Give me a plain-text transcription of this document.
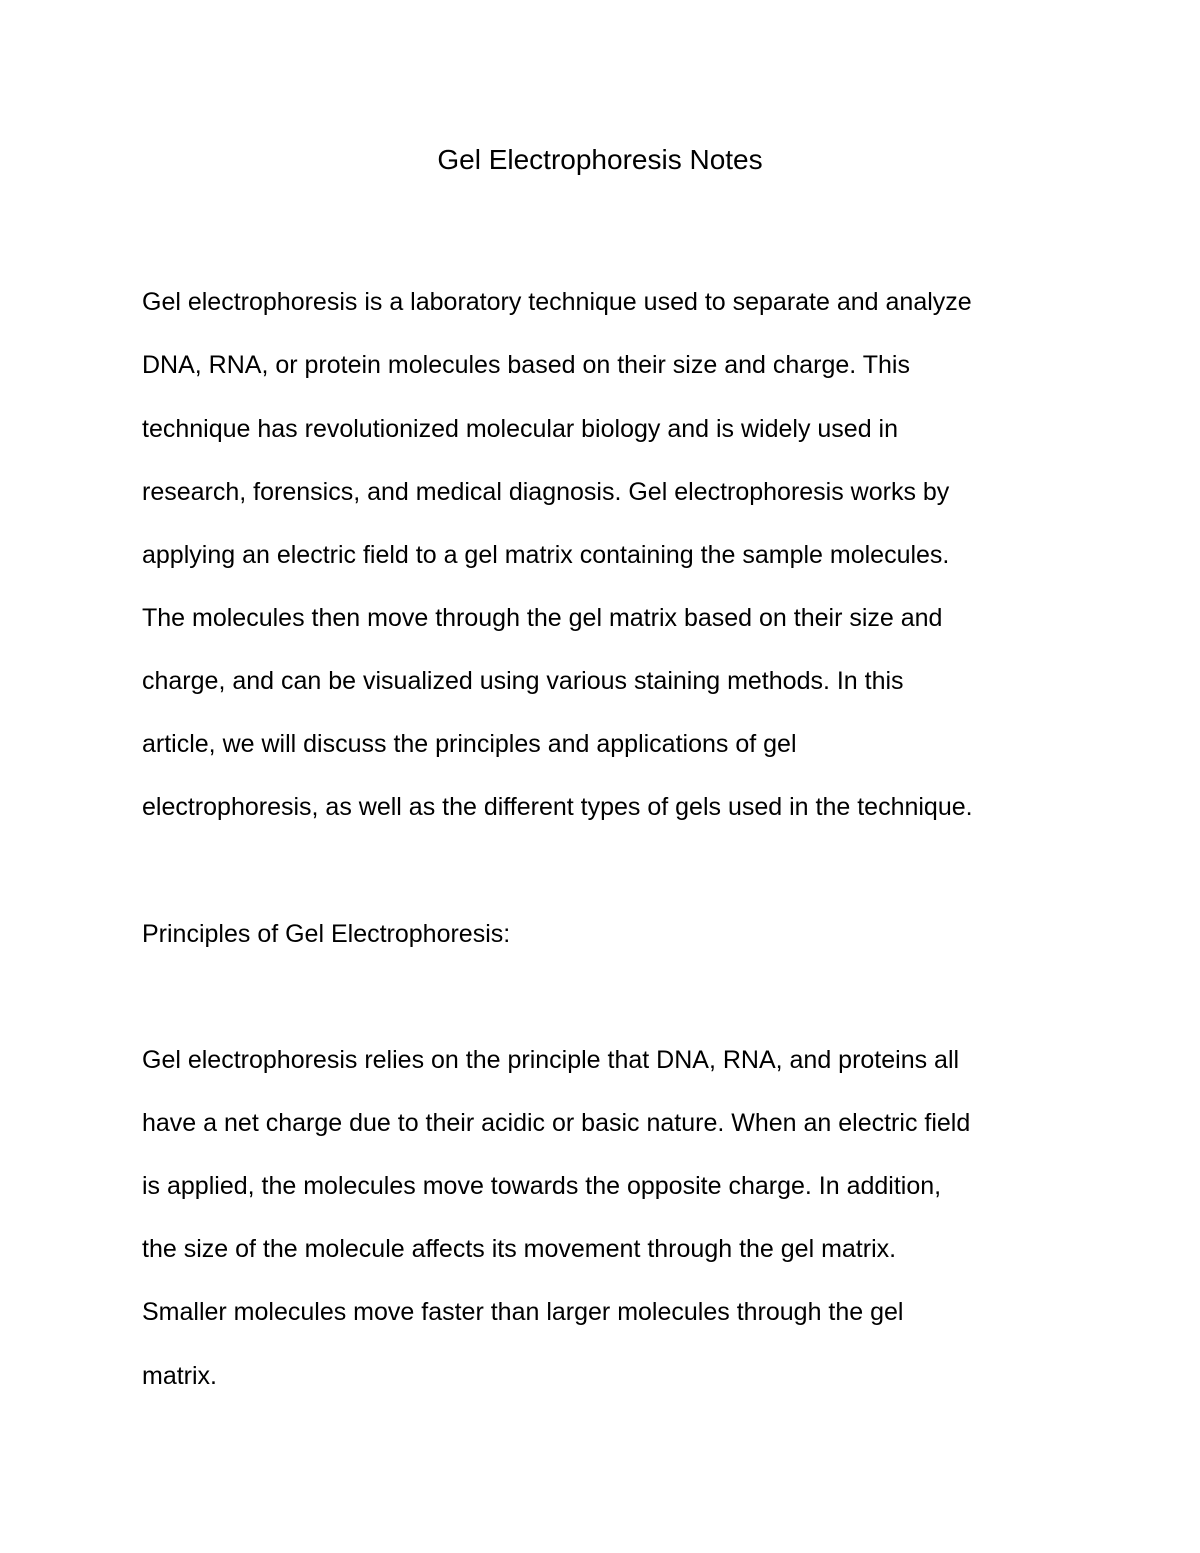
Gel Electrophoresis Notes
Gel electrophoresis is a laboratory technique used to separate and analyze
DNA, RNA, or protein molecules based on their size and charge. This
technique has revolutionized molecular biology and is widely used in
research, forensics, and medical diagnosis. Gel electrophoresis works by
applying an electric field to a gel matrix containing the sample molecules.
The molecules then move through the gel matrix based on their size and
charge, and can be visualized using various staining methods. In this
article, we will discuss the principles and applications of gel
electrophoresis, as well as the different types of gels used in the technique.
Principles of Gel Electrophoresis:
Gel electrophoresis relies on the principle that DNA, RNA, and proteins all
have a net charge due to their acidic or basic nature. When an electric field
is applied, the molecules move towards the opposite charge. In addition,
the size of the molecule affects its movement through the gel matrix.
Smaller molecules move faster than larger molecules through the gel
matrix.
